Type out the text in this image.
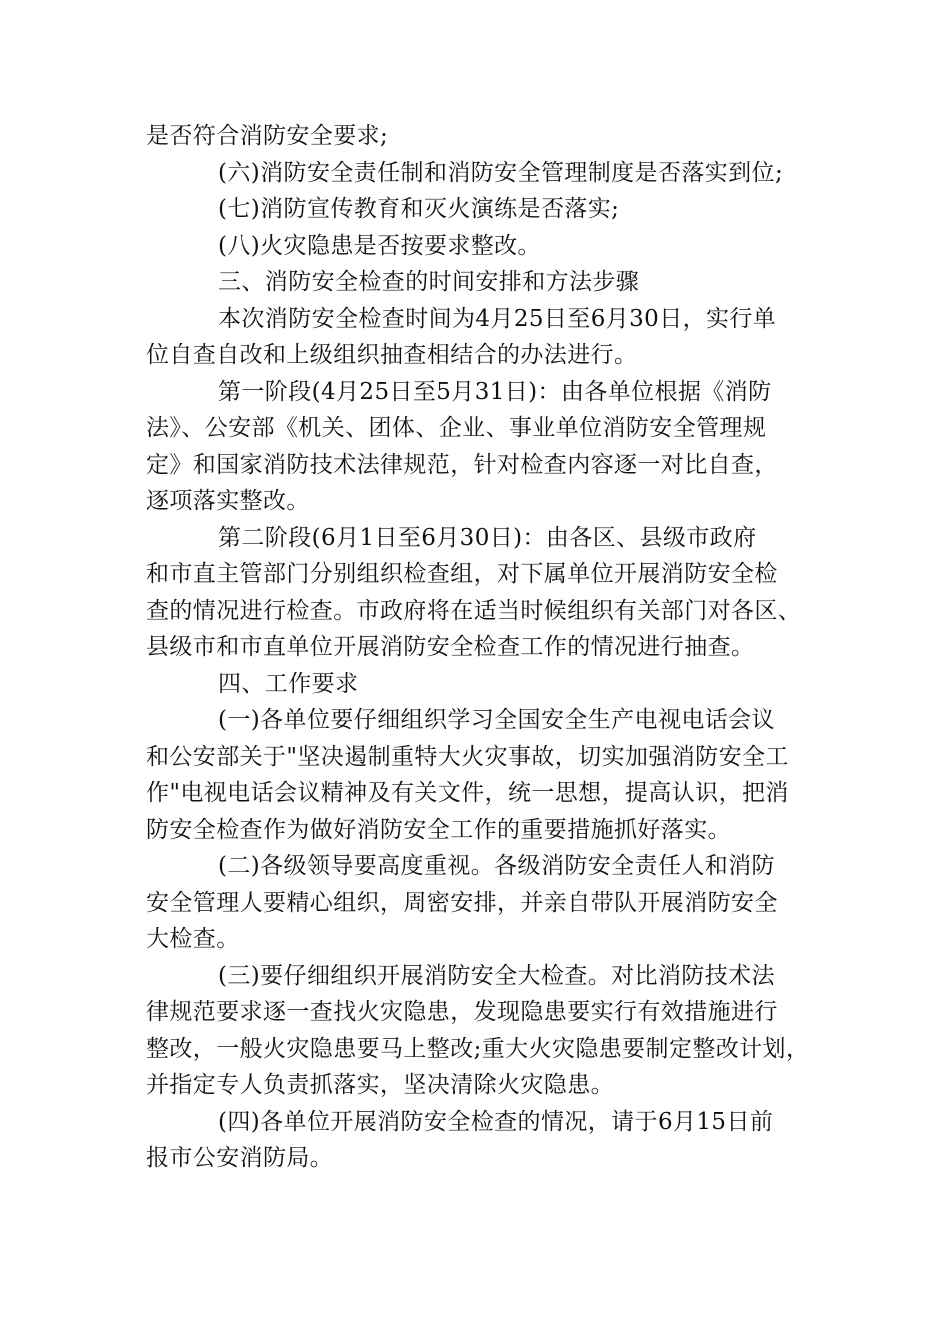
是否符合消防安全要求;
(六)消防安全责任制和消防安全管理制度是否落实到位;
(七)消防宣传教育和灭火演练是否落实;
(八)火灾隐患是否按要求整改。
三、消防安全检查的时间安排和方法步骤
本次消防安全检查时间为4月25日至6月30日，实行单
位自查自改和上级组织抽查相结合的办法进行。
第一阶段(4月25日至5月31日)：由各单位根据《消防
法》、公安部《机关、团体、企业、事业单位消防安全管理规
定》和国家消防技术法律规范，针对检查内容逐一对比自查，
逐项落实整改。
第二阶段(6月1日至6月30日)：由各区、县级市政府
和市直主管部门分别组织检查组，对下属单位开展消防安全检
查的情况进行检查。市政府将在适当时候组织有关部门对各区、
县级市和市直单位开展消防安全检查工作的情况进行抽查。
四、工作要求
(一)各单位要仔细组织学习全国安全生产电视电话会议
和公安部关于"坚决遏制重特大火灾事故，切实加强消防安全工
作"电视电话会议精神及有关文件，统一思想，提高认识，把消
防安全检查作为做好消防安全工作的重要措施抓好落实。
(二)各级领导要高度重视。各级消防安全责任人和消防
安全管理人要精心组织，周密安排，并亲自带队开展消防安全
大检查。
(三)要仔细组织开展消防安全大检查。对比消防技术法
律规范要求逐一查找火灾隐患，发现隐患要实行有效措施进行
整改，一般火灾隐患要马上整改;重大火灾隐患要制定整改计划，
并指定专人负责抓落实，坚决清除火灾隐患。
(四)各单位开展消防安全检查的情况，请于6月15日前
报市公安消防局。
